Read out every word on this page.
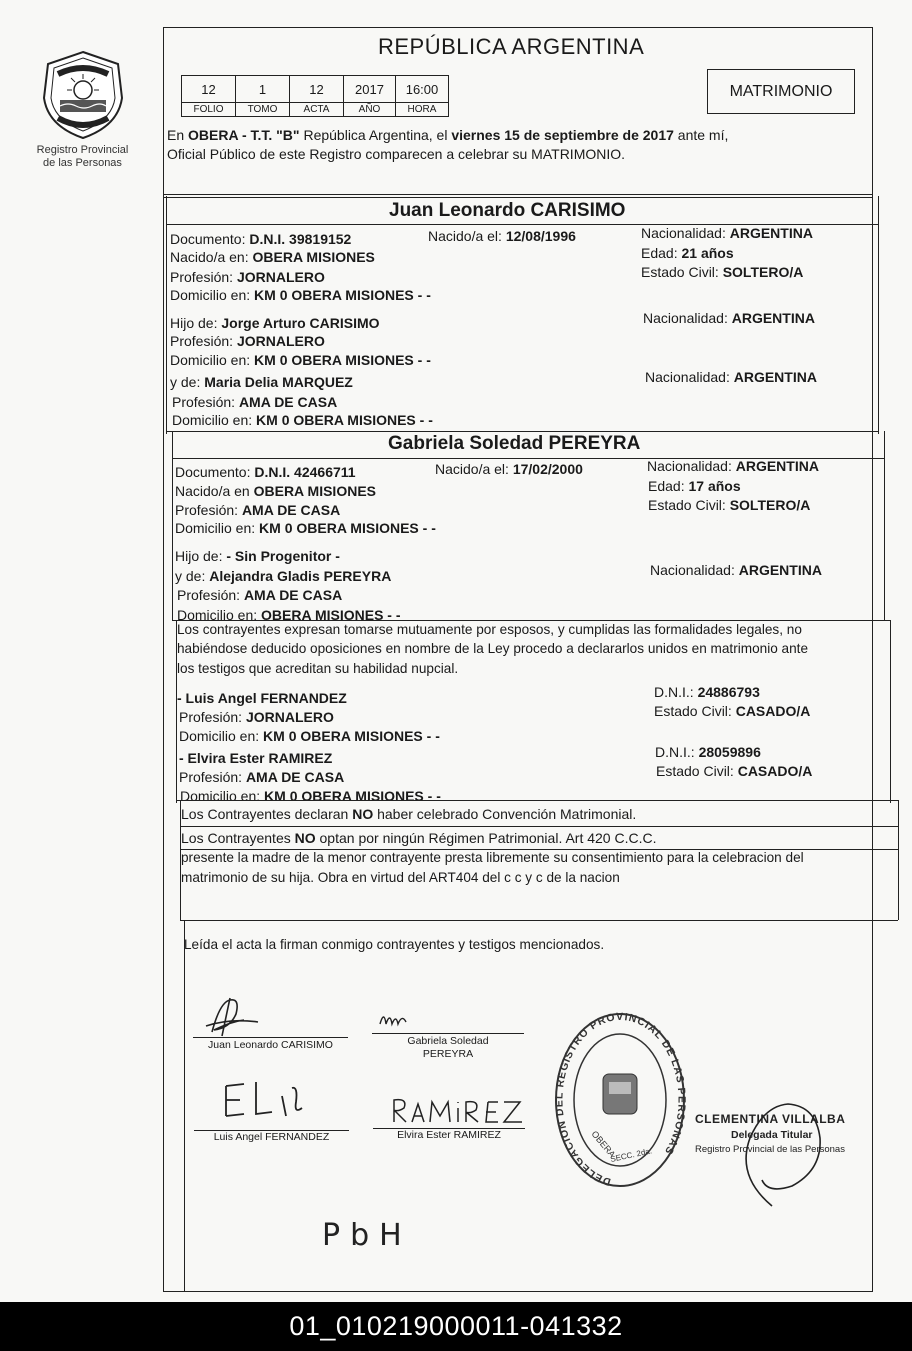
Registro Provincial
de las Personas
REPÚBLICA ARGENTINA
12	1	12	2017	16:00
FOLIO	TOMO	ACTA	AÑO	HORA
MATRIMONIO
En OBERA - T.T. "B" República Argentina, el viernes 15 de septiembre de 2017 ante mí,
Oficial Público de este Registro comparecen a celebrar su MATRIMONIO.
Juan Leonardo CARISIMO
Documento: D.N.I. 39819152	Nacido/a el: 12/08/1996	Nacionalidad: ARGENTINA
Nacido/a en: OBERA MISIONES	Edad: 21 años
Profesión: JORNALERO	Estado Civil: SOLTERO/A
Domicilio en: KM 0 OBERA MISIONES - -
Hijo de: Jorge Arturo CARISIMO	Nacionalidad: ARGENTINA
Profesión: JORNALERO
Domicilio en: KM 0 OBERA MISIONES - -
y de: Maria Delia MARQUEZ	Nacionalidad: ARGENTINA
Profesión: AMA DE CASA
Domicilio en: KM 0 OBERA MISIONES - -
Gabriela Soledad PEREYRA
Documento: D.N.I. 42466711	Nacido/a el: 17/02/2000	Nacionalidad: ARGENTINA
Nacido/a en OBERA MISIONES	Edad: 17 años
Profesión: AMA DE CASA	Estado Civil: SOLTERO/A
Domicilio en: KM 0 OBERA MISIONES - -
Hijo de: - Sin Progenitor -
y de: Alejandra Gladis PEREYRA	Nacionalidad: ARGENTINA
Profesión: AMA DE CASA
Domicilio en: OBERA MISIONES - -
Los contrayentes expresan tomarse mutuamente por esposos, y cumplidas las formalidades legales, no
habiéndose deducido oposiciones en nombre de la Ley procedo a declararlos unidos en matrimonio ante
los testigos que acreditan su habilidad nupcial.
- Luis Angel FERNANDEZ	D.N.I.: 24886793
Profesión: JORNALERO	Estado Civil: CASADO/A
Domicilio en: KM 0 OBERA MISIONES - -
- Elvira Ester RAMIREZ	D.N.I.: 28059896
Profesión: AMA DE CASA	Estado Civil: CASADO/A
Domicilio en: KM 0 OBERA MISIONES - -
Los Contrayentes declaran NO haber celebrado Convención Matrimonial.
Los Contrayentes NO optan por ningún Régimen Patrimonial. Art 420 C.C.C.
presente la madre de la menor contrayente presta libremente su consentimiento para la celebracion del
matrimonio de su hija. Obra en virtud del ART404 del c c y c de la nacion
Leída el acta la firman conmigo contrayentes y testigos mencionados.
Juan Leonardo CARISIMO	Gabriela Soledad
PEREYRA
Luis Angel FERNANDEZ	Elvira Ester RAMIREZ
DELEGACION DEL REGISTRO PROVINCIAL DE LAS PERSONAS
OBERA
SECC. 2da.
CLEMENTINA VILLALBA
Delegada Titular
Registro Provincial de las Personas
PbH
01_010219000011-041332
